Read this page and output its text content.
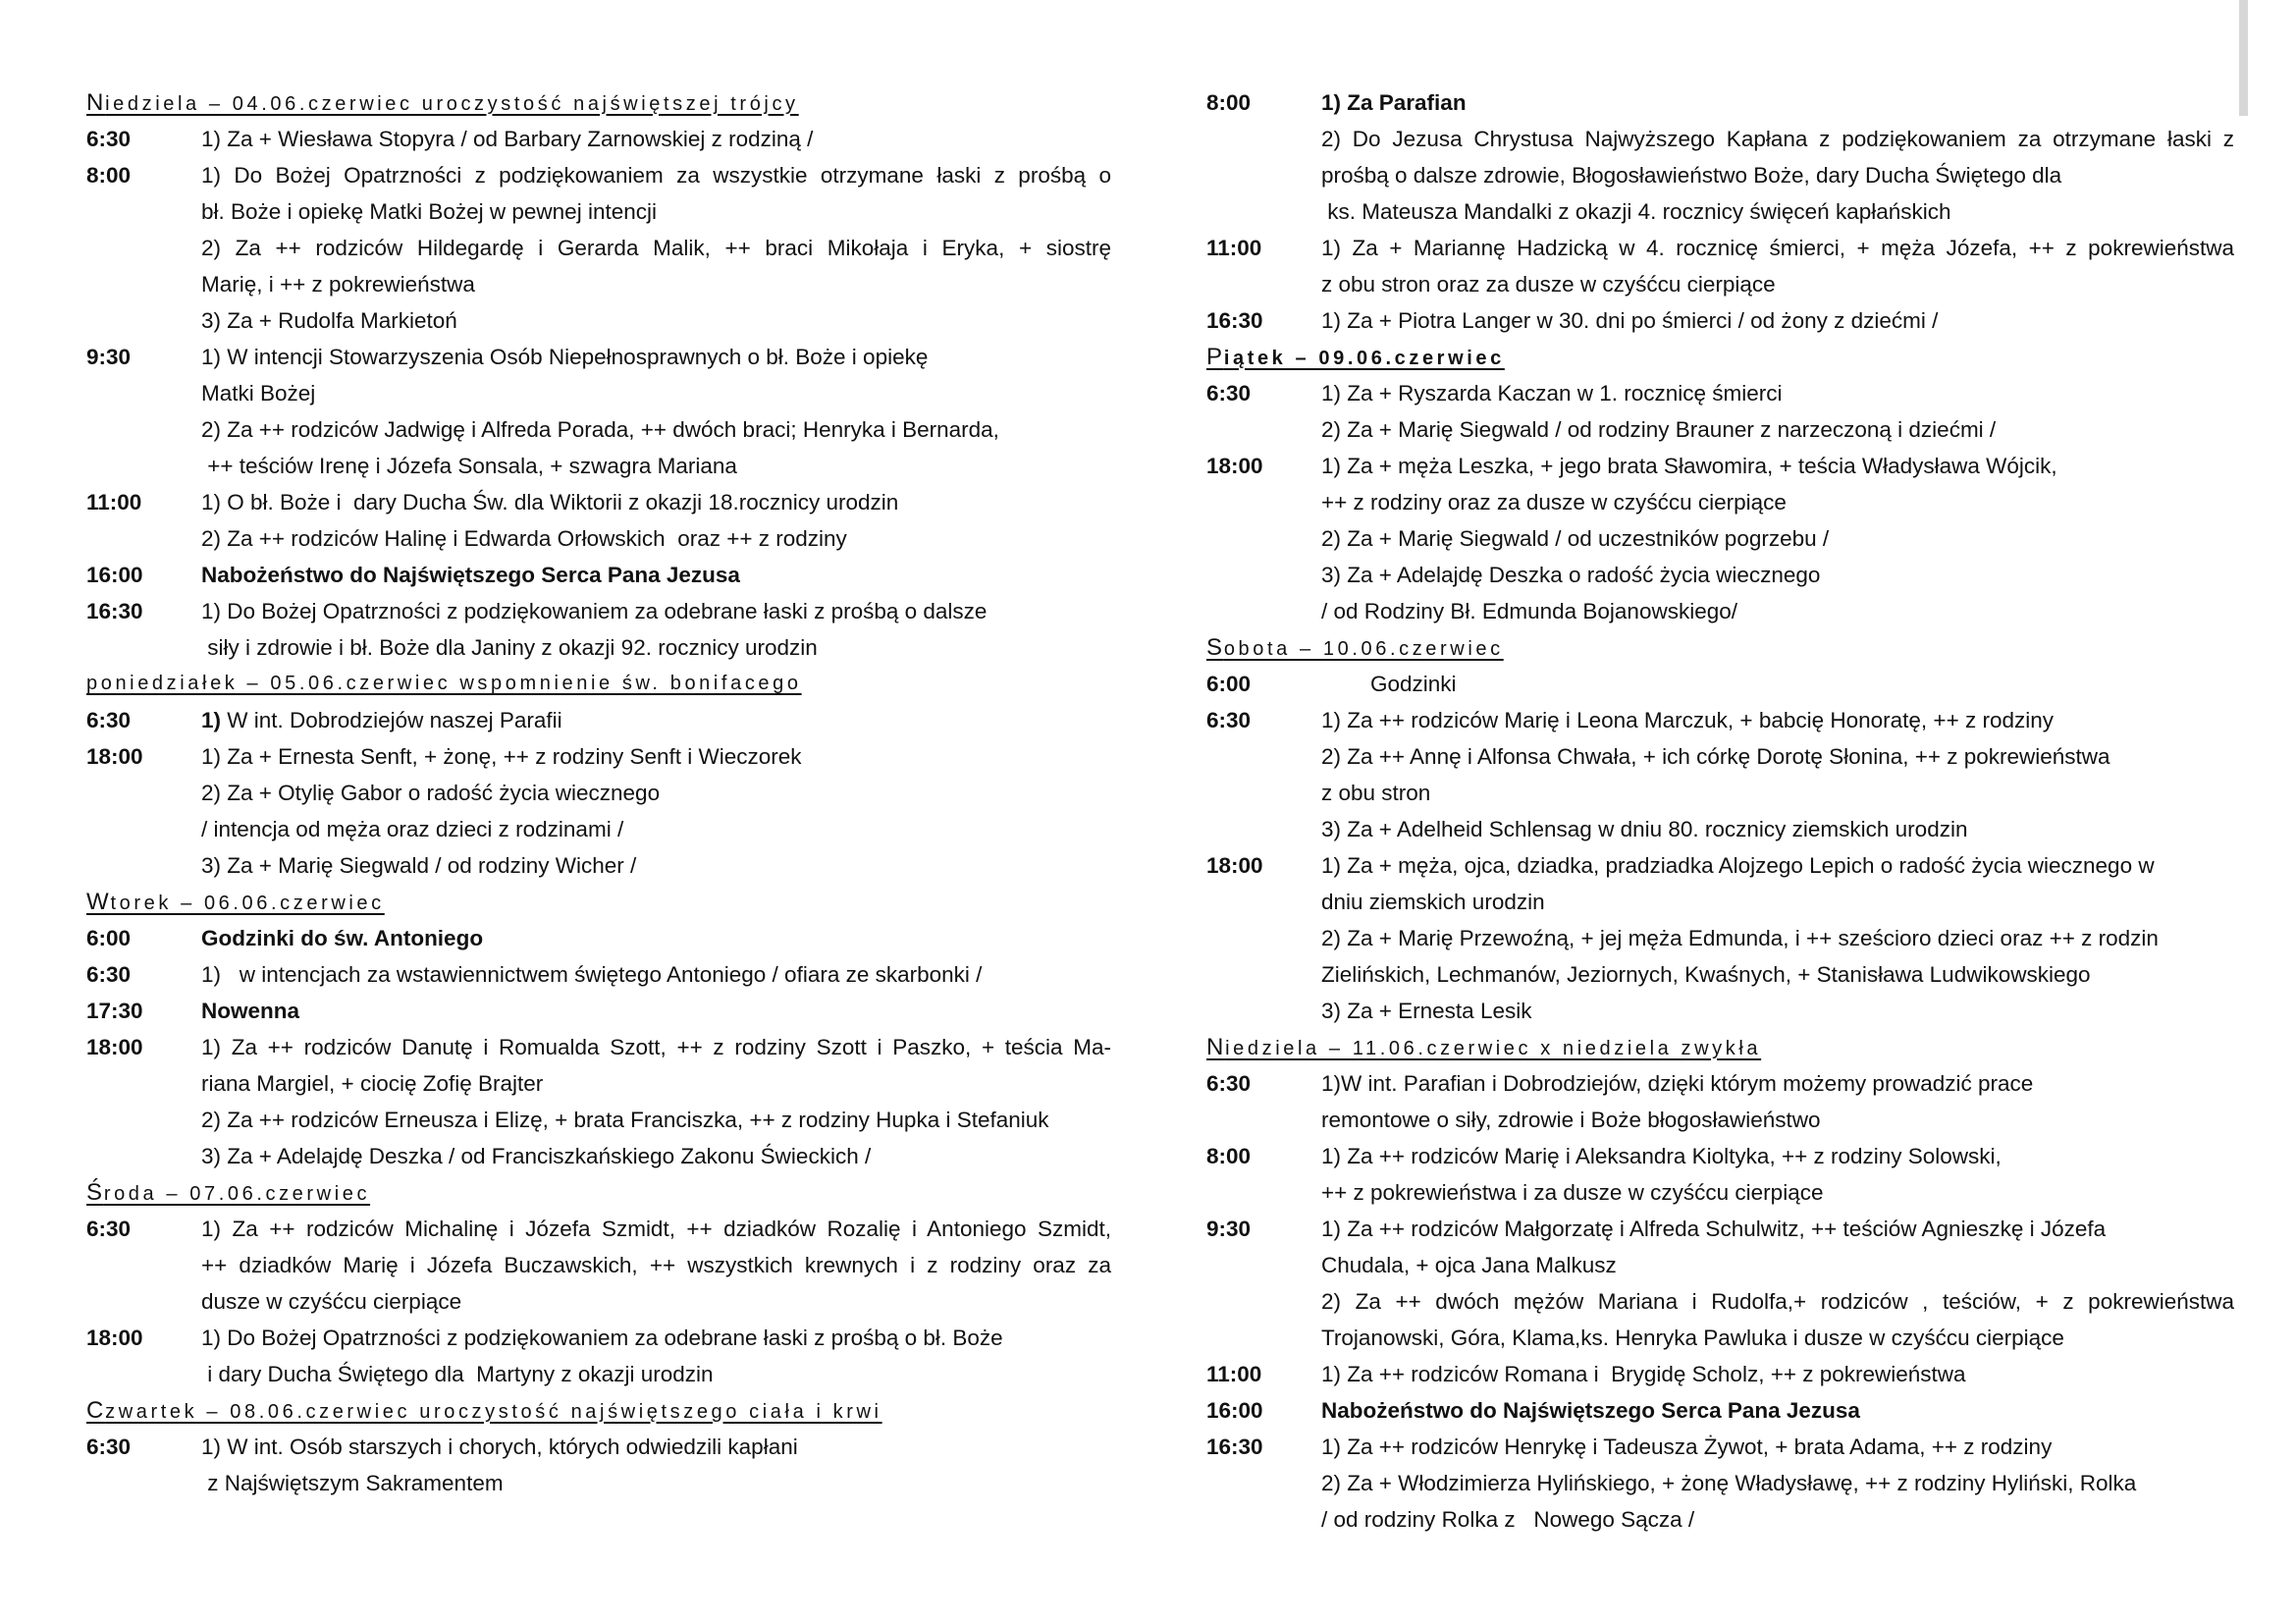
Niedziela – 04.06.czerwiec uroczystość najświętszej trójcy
6:30	1) Za + Wiesława Stopyra / od Barbary Zarnowskiej z rodziną /
8:00	1) Do Bożej Opatrzności z podziękowaniem za wszystkie otrzymane łaski z prośbą o
bł. Boże i opiekę Matki Bożej w pewnej intencji
2) Za ++ rodziców Hildegardę i Gerarda Malik, ++ braci Mikołaja i Eryka, + siostrę
Marię, i ++ z pokrewieństwa
3) Za + Rudolfa Markietoń
9:30	1) W intencji Stowarzyszenia Osób Niepełnosprawnych o bł. Boże i opiekę
Matki Bożej
2) Za ++ rodziców Jadwigę i Alfreda Porada, ++ dwóch braci; Henryka i Bernarda,
++ teściów Irenę i Józefa Sonsala, + szwagra Mariana
11:00	1) O bł. Boże i  dary Ducha Św. dla Wiktorii z okazji 18.rocznicy urodzin
2) Za ++ rodziców Halinę i Edwarda Orłowskich  oraz ++ z rodziny
16:00	Nabożeństwo do Najświętszego Serca Pana Jezusa
16:30	1) Do Bożej Opatrzności z podziękowaniem za odebrane łaski z prośbą o dalsze
siły i zdrowie i bł. Boże dla Janiny z okazji 92. rocznicy urodzin
poniedziałek – 05.06.czerwiec wspomnienie św. bonifacego
6:30	1) W int. Dobrodziejów naszej Parafii
18:00	1) Za + Ernesta Senft, + żonę, ++ z rodziny Senft i Wieczorek
2) Za + Otylię Gabor o radość życia wiecznego
/ intencja od męża oraz dzieci z rodzinami /
3) Za + Marię Siegwald / od rodziny Wicher /
Wtorek – 06.06.czerwiec
6:00	Godzinki do św. Antoniego
6:30	1)   w intencjach za wstawiennictwem świętego Antoniego / ofiara ze skarbonki /
17:30	Nowenna
18:00	1) Za ++ rodziców Danutę i Romualda Szott, ++ z rodziny Szott i Paszko, + teścia Ma-
riana Margiel, + ciocię Zofię Brajter
2) Za ++ rodziców Erneusza i Elizę, + brata Franciszka, ++ z rodziny Hupka i Stefaniuk
3) Za + Adelajdę Deszka / od Franciszkańskiego Zakonu Świeckich /
Środa – 07.06.czerwiec
6:30	1) Za ++ rodziców Michalinę i Józefa Szmidt, ++ dziadków Rozalię i Antoniego Szmidt,
++ dziadków Marię i Józefa Buczawskich, ++ wszystkich krewnych i z rodziny oraz za
dusze w czyśćcu cierpiące
18:00	1) Do Bożej Opatrzności z podziękowaniem za odebrane łaski z prośbą o bł. Boże
i dary Ducha Świętego dla  Martyny z okazji urodzin
Czwartek – 08.06.czerwiec uroczystość najświętszego ciała i krwi
6:30	1) W int. Osób starszych i chorych, których odwiedzili kapłani
z Najświętszym Sakramentem
8:00	1) Za Parafian
2) Do Jezusa Chrystusa Najwyższego Kapłana z podziękowaniem za otrzymane łaski z
prośbą o dalsze zdrowie, Błogosławieństwo Boże, dary Ducha Świętego dla
ks. Mateusza Mandalki z okazji 4. rocznicy święceń kapłańskich
11:00	1) Za + Mariannę Hadzicką w 4. rocznicę śmierci, + męża Józefa, ++ z pokrewieństwa
z obu stron oraz za dusze w czyśćcu cierpiące
16:30	1) Za + Piotra Langer w 30. dni po śmierci / od żony z dziećmi /
Piątek – 09.06.czerwiec
6:30	1) Za + Ryszarda Kaczan w 1. rocznicę śmierci
2) Za + Marię Siegwald / od rodziny Brauner z narzeczoną i dziećmi /
18:00	1) Za + męża Leszka, + jego brata Sławomira, + teścia Władysława Wójcik,
++ z rodziny oraz za dusze w czyśćcu cierpiące
2) Za + Marię Siegwald / od uczestników pogrzebu /
3) Za + Adelajdę Deszka o radość życia wiecznego
/ od Rodziny Bł. Edmunda Bojanowskiego/
Sobota – 10.06.czerwiec
6:00	Godzinki
6:30	1) Za ++ rodziców Marię i Leona Marczuk, + babcię Honoratę, ++ z rodziny
2) Za ++ Annę i Alfonsa Chwała, + ich córkę Dorotę Słonina, ++ z pokrewieństwa
z obu stron
3) Za + Adelheid Schlensag w dniu 80. rocznicy ziemskich urodzin
18:00	1) Za + męża, ojca, dziadka, pradziadka Alojzego Lepich o radość życia wiecznego w
dniu ziemskich urodzin
2) Za + Marię Przewoźną, + jej męża Edmunda, i ++ sześcioro dzieci oraz ++ z rodzin
Zielińskich, Lechmanów, Jeziornych, Kwaśnych, + Stanisława Ludwikowskiego
3) Za + Ernesta Lesik
Niedziela – 11.06.czerwiec x niedziela zwykła
6:30	1)W int. Parafian i Dobrodziejów, dzięki którym możemy prowadzić prace
remontowe o siły, zdrowie i Boże błogosławieństwo
8:00	1) Za ++ rodziców Marię i Aleksandra Kioltyka, ++ z rodziny Solowski,
++ z pokrewieństwa i za dusze w czyśćcu cierpiące
9:30	1) Za ++ rodziców Małgorzatę i Alfreda Schulwitz, ++ teściów Agnieszkę i Józefa
Chudala, + ojca Jana Malkusz
2) Za ++ dwóch mężów Mariana i Rudolfa,+ rodziców , teściów, + z pokrewieństwa
Trojanowski, Góra, Klama,ks. Henryka Pawluka i dusze w czyśćcu cierpiące
11:00	1) Za ++ rodziców Romana i  Brygidę Scholz, ++ z pokrewieństwa
16:00	Nabożeństwo do Najświętszego Serca Pana Jezusa
16:30	1) Za ++ rodziców Henrykę i Tadeusza Żywot, + brata Adama, ++ z rodziny
2) Za + Włodzimierza Hylińskiego, + żonę Władysławę, ++ z rodziny Hyliński, Rolka
/ od rodziny Rolka z   Nowego Sącza /
